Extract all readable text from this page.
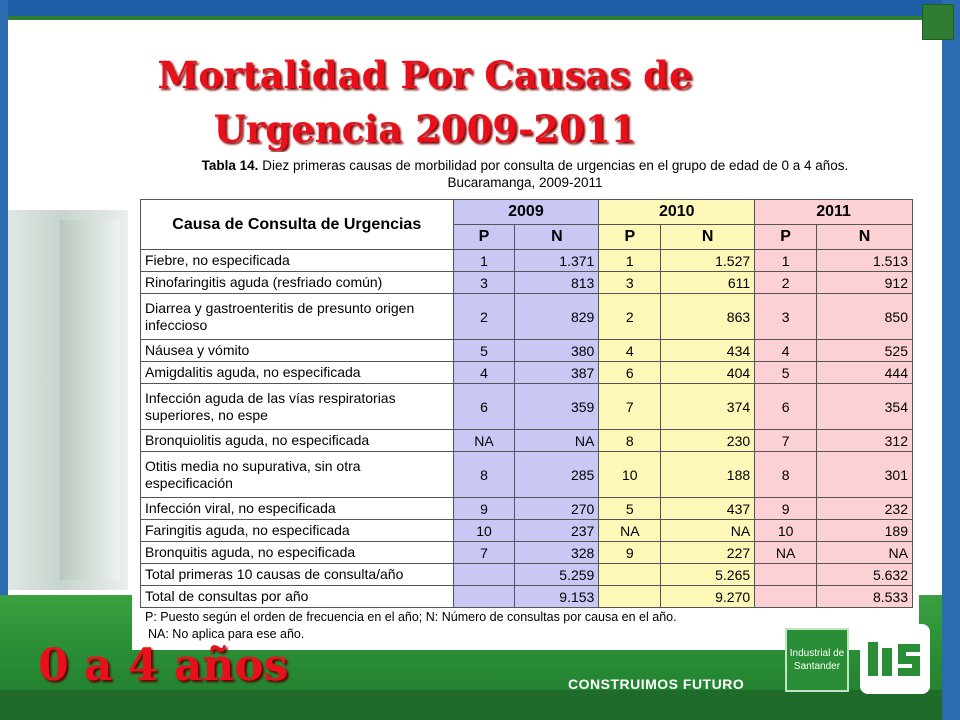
Mortalidad Por Causas de Urgencia 2009-2011
Tabla 14. Diez primeras causas de morbilidad por consulta de urgencias en el grupo de edad de 0 a 4 años.
Bucaramanga, 2009-2011
Causa de Consulta de Urgencias	2009		2010		2011	
	P	N	P	N	P	N
Fiebre, no especificada	1	1.371	1	1.527	1	1.513
Rinofaringitis aguda (resfriado común)	3	813	3	611	2	912
Diarrea y gastroenteritis de presunto origen infeccioso	2	829	2	863	3	850
Náusea y vómito	5	380	4	434	4	525
Amigdalitis aguda, no especificada	4	387	6	404	5	444
Infección aguda de las vías respiratorias superiores, no espe	6	359	7	374	6	354
Bronquiolitis aguda, no especificada	NA	NA	8	230	7	312
Otitis media no supurativa, sin otra especificación	8	285	10	188	8	301
Infección viral, no especificada	9	270	5	437	9	232
Faringitis aguda, no especificada	10	237	NA	NA	10	189
Bronquitis aguda, no especificada	7	328	9	227	NA	NA
Total primeras 10 causas de consulta/año		5.259		5.265		5.632
Total de consultas por año		9.153		9.270		8.533
P: Puesto según el orden de frecuencia en el año; N: Número de consultas por causa en el año.
NA: No aplica para ese año.
0 a 4 años	CONSTRUIMOS FUTURO
Industrial de Santander
